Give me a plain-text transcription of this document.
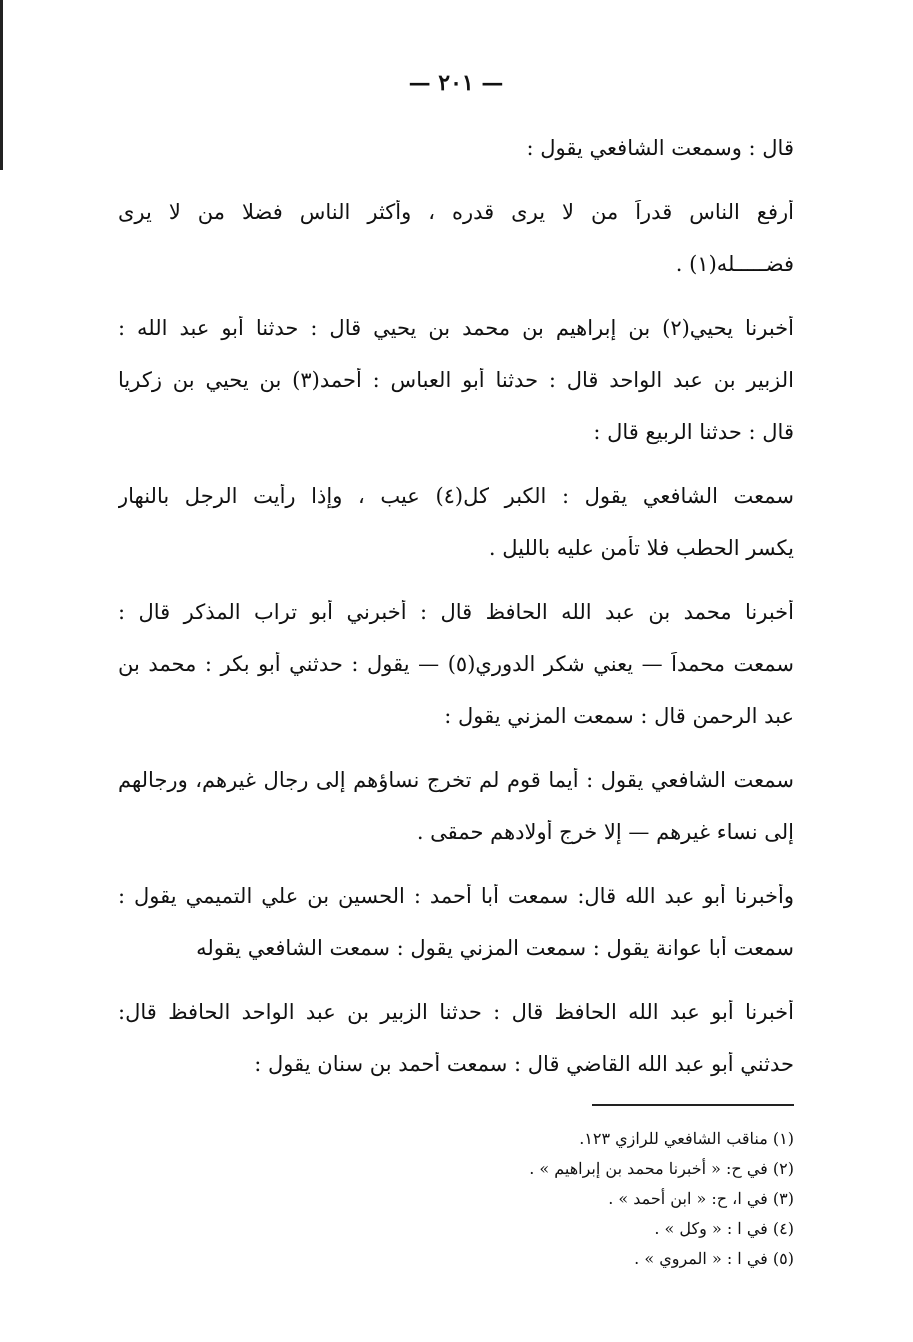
— ٢٠١ —
قال : وسمعت الشافعي يقول :
أرفع الناس قدراً من لا يرى قدره ، وأكثر الناس فضلا من لا يرى
فضـــــله(١) .
أخبرنا يحيي(٢) بن إبراهيم بن محمد بن يحيي قال : حدثنا أبو عبد الله :
الزبير بن عبد الواحد قال : حدثنا أبو العباس : أحمد(٣) بن يحيي بن زكريا
قال : حدثنا الربيع قال :
سمعت الشافعي يقول : الكبر كل(٤) عيب ، وإذا رأيت الرجل بالنهار
يكسر الحطب فلا تأمن عليه بالليل .
أخبرنا محمد بن عبد الله الحافظ قال : أخبرني أبو تراب المذكر قال :
سمعت محمداً — يعني شكر الدوري(٥) — يقول : حدثني أبو بكر : محمد بن
عبد الرحمن قال : سمعت المزني يقول :
سمعت الشافعي يقول : أيما قوم لم تخرج نساؤهم إلى رجال غيرهم، ورجالهم
إلى نساء غيرهم — إلا خرج أولادهم حمقى .
وأخبرنا أبو عبد الله قال: سمعت أبا أحمد : الحسين بن علي التميمي يقول :
سمعت أبا عوانة يقول : سمعت المزني يقول : سمعت الشافعي يقوله
أخبرنا أبو عبد الله الحافظ قال : حدثنا الزبير بن عبد الواحد الحافظ قال:
حدثني أبو عبد الله القاضي قال : سمعت أحمد بن سنان يقول :
(١) مناقب الشافعي للرازي ١٢٣.
(٢) في ح: « أخبرنا محمد بن إبراهيم » .
(٣) في ا، ح: « ابن أحمد » .
(٤) في ا : « وكل » .
(٥) في ا : « المروي » .
